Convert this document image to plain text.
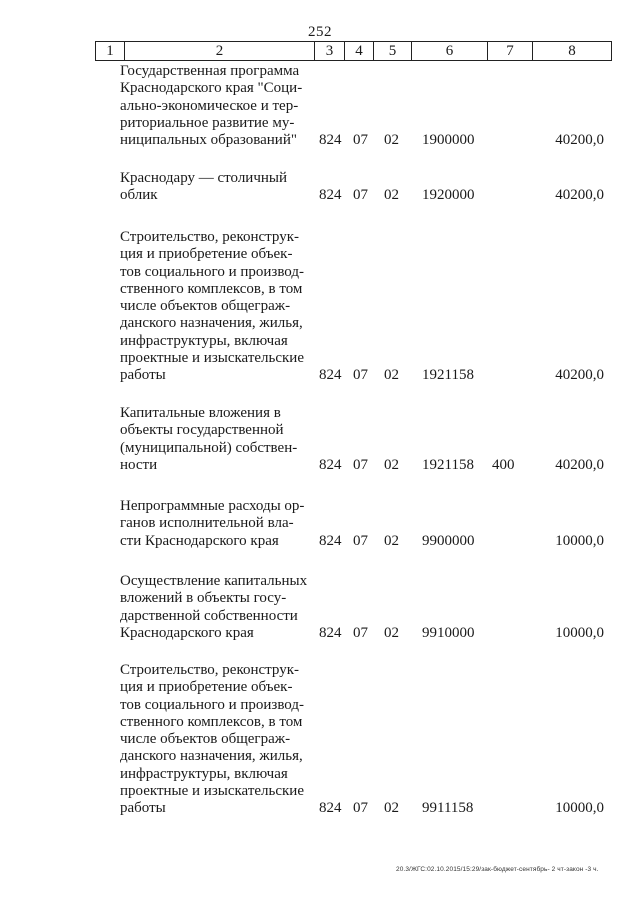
252
1	2	3	4	5	6	7	8
Государственная программа
Краснодарского края "Соци-
ально-экономическое и тер-
риториальное развитие му-
ниципальных образований"	824 07 02 1900000	40200,0
Краснодару — столичный
облик	824 07 02 1920000	40200,0
Строительство, реконструк-
ция и приобретение объек-
тов социального и производ-
ственного комплексов, в том
числе объектов общеграж-
данского назначения, жилья,
инфраструктуры, включая
проектные и изыскательские
работы	824 07 02 1921158	40200,0
Капитальные вложения в
объекты государственной
(муниципальной) собствен-
ности	824 07 02 1921158 400	40200,0
Непрограммные расходы ор-
ганов исполнительной вла-
сти Краснодарского края	824 07 02 9900000	10000,0
Осуществление капитальных
вложений в объекты госу-
дарственной собственности
Краснодарского края	824 07 02 9910000	10000,0
Строительство, реконструк-
ция и приобретение объек-
тов социального и производ-
ственного комплексов, в том
числе объектов общеграж-
данского назначения, жилья,
инфраструктуры, включая
проектные и изыскательские
работы	824 07 02 9911158	10000,0
20.3/ЖГС:02.10.2015/15:29/зак-бюджет-сентябрь- 2 чт-закон -3 ч.
